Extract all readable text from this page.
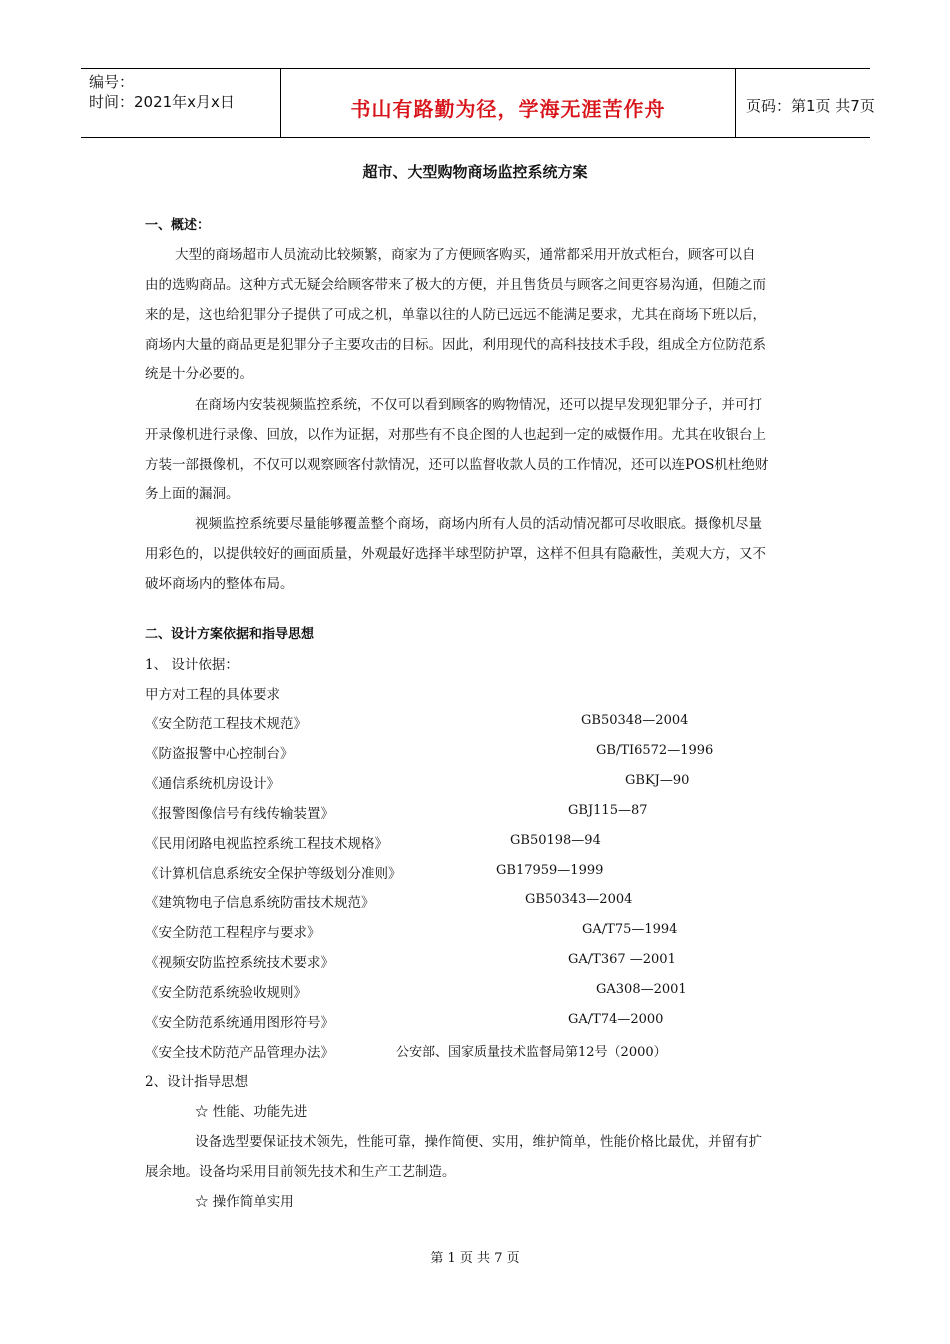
编号：
时间：2021年x月x日	书山有路勤为径，学海无涯苦作舟	页码：第1页 共7页
超市、大型购物商场监控系统方案
一、概述：
大型的商场超市人员流动比较频繁，商家为了方便顾客购买，通常都采用开放式柜台，顾客可以自
由的选购商品。这种方式无疑会给顾客带来了极大的方便，并且售货员与顾客之间更容易沟通，但随之而
来的是，这也给犯罪分子提供了可成之机，单靠以往的人防已远远不能满足要求，尤其在商场下班以后，
商场内大量的商品更是犯罪分子主要攻击的目标。因此，利用现代的高科技技术手段，组成全方位防范系
统是十分必要的。
在商场内安装视频监控系统，不仅可以看到顾客的购物情况，还可以提早发现犯罪分子，并可打
开录像机进行录像、回放，以作为证据，对那些有不良企图的人也起到一定的威慑作用。尤其在收银台上
方装一部摄像机，不仅可以观察顾客付款情况，还可以监督收款人员的工作情况，还可以连POS机杜绝财
务上面的漏洞。
视频监控系统要尽量能够覆盖整个商场，商场内所有人员的活动情况都可尽收眼底。摄像机尽量
用彩色的，以提供较好的画面质量，外观最好选择半球型防护罩，这样不但具有隐蔽性，美观大方，又不
破坏商场内的整体布局。
二、设计方案依据和指导思想
1、 设计依据：
甲方对工程的具体要求
《安全防范工程技术规范》	GB50348—2004
《防盗报警中心控制台》	GB/TI6572—1996
《通信系统机房设计》	GBKJ—90
《报警图像信号有线传输装置》	GBJ115—87
《民用闭路电视监控系统工程技术规格》	GB50198—94
《计算机信息系统安全保护等级划分准则》	GB17959—1999
《建筑物电子信息系统防雷技术规范》	GB50343—2004
《安全防范工程程序与要求》	GA/T75—1994
《视频安防监控系统技术要求》	GA/T367 —2001
《安全防范系统验收规则》	GA308—2001
《安全防范系统通用图形符号》	GA/T74—2000
《安全技术防范产品管理办法》	公安部、国家质量技术监督局第12号（2000）
2、设计指导思想
☆ 性能、功能先进
设备选型要保证技术领先，性能可靠，操作简便、实用，维护简单，性能价格比最优，并留有扩
展余地。设备均采用目前领先技术和生产工艺制造。
☆ 操作简单实用
第 1 页 共 7 页
